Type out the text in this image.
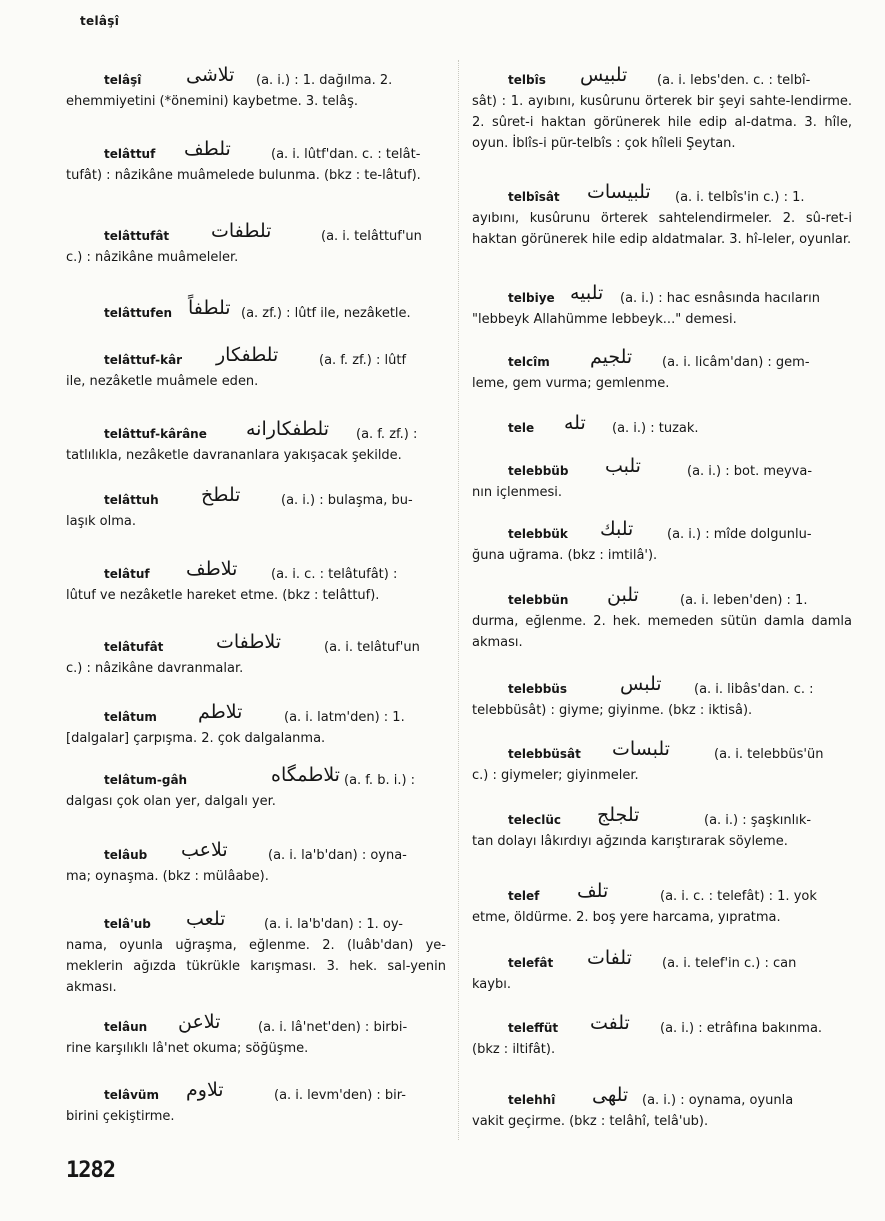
telâşî
telâşî تلاشى (a. i.) : 1. dağılma. 2.
ehemmiyetini (*önemini) kaybetme. 3. telâş.
telâttuf تلطف	(a. i. lûtf'dan. c. : telât-
tufât) : nâzikâne muâmelede bulunma. (bkz : te-lâtuf).
telâttufât تلطفات	(a. i. telâttuf'un
c.) : nâzikâne muâmeleler.
telâttufen تلطفاً (a. zf.) : lûtf ile, nezâketle.
telâttuf-kâr تلطفكار	(a. f. zf.) : lûtf
ile, nezâketle muâmele eden.
telâttuf-kârâne تلطفكارانه (a. f. zf.) :
tatlılıkla, nezâketle davrananlara yakışacak şekilde.
telâttuh تلطخ	(a. i.) : bulaşma, bu-
laşık olma.
telâtuf تلاطف	(a. i. c. : telâtufât) :
lûtuf ve nezâketle hareket etme. (bkz : telâttuf).
telâtufât	تلاطفات	(a. i. telâtuf'un
c.) : nâzikâne davranmalar.
telâtum تلاطم	(a. i. latm'den) : 1.
[dalgalar] çarpışma. 2. çok dalgalanma.
telâtum-gâh	تلاطمگاه (a. f. b. i.) :
dalgası çok olan yer, dalgalı yer.
telâub تلاعب	(a. i. la'b'dan) : oyna-
ma; oynaşma. (bkz : mülâabe).
telâ'ub تلعب	(a. i. la'b'dan) : 1. oy-
nama, oyunla uğraşma, eğlenme. 2. (luâb'dan) ye-meklerin ağızda tükrükle karışması. 3. hek. sal-yenin akması.
telâun تلاعن	(a. i. lâ'net'den) : birbi-
rine karşılıklı lâ'net okuma; söğüşme.
telâvüm تلاوم	(a. i. levm'den) : bir-
birini çekiştirme.
telbîs تلبيس (a. i. lebs'den. c. : telbî-
sât) : 1. ayıbını, kusûrunu örterek bir şeyi sahte-lendirme. 2. sûret-i haktan görünerek hile edip al-datma. 3. hîle, oyun. İblîs-i pür-telbîs : çok hîleli Şeytan.
telbîsât تلبيسات (a. i. telbîs'in c.) : 1.
ayıbını, kusûrunu örterek sahtelendirmeler. 2. sû-ret-i haktan görünerek hile edip aldatmalar. 3. hî-leler, oyunlar.
telbiye تلبيه (a. i.) : hac esnâsında hacıların
"lebbeyk Allahümme lebbeyk..." demesi.
telcîm تلجيم (a. i. licâm'dan) : gem-
leme, gem vurma; gemlenme.
tele تله (a. i.) : tuzak.
telebbüb تلبب	(a. i.) : bot. meyva-
nın içlenmesi.
telebbük تلبك	(a. i.) : mîde dolgunlu-
ğuna uğrama. (bkz : imtilâ').
telebbün تلبن	(a. i. leben'den) : 1.
durma, eğlenme. 2. hek. memeden sütün damla damla akması.
telebbüs	تلبس (a. i. libâs'dan. c. :
telebbüsât) : giyme; giyinme. (bkz : iktisâ).
telebbüsât تلبسات	(a. i. telebbüs'ün
c.) : giymeler; giyinmeler.
teleclüc تلجلج	(a. i.) : şaşkınlık-
tan dolayı lâkırdıyı ağzında karıştırarak söyleme.
telef تلف	(a. i. c. : telefât) : 1. yok
etme, öldürme. 2. boş yere harcama, yıpratma.
telefât تلفات (a. i. telef'in c.) : can
kaybı.
teleffüt تلفت (a. i.) : etrâfına bakınma.
(bkz : iltifât).
telehhî تلهى (a. i.) : oynama, oyunla
vakit geçirme. (bkz : telâhî, telâ'ub).
1282
